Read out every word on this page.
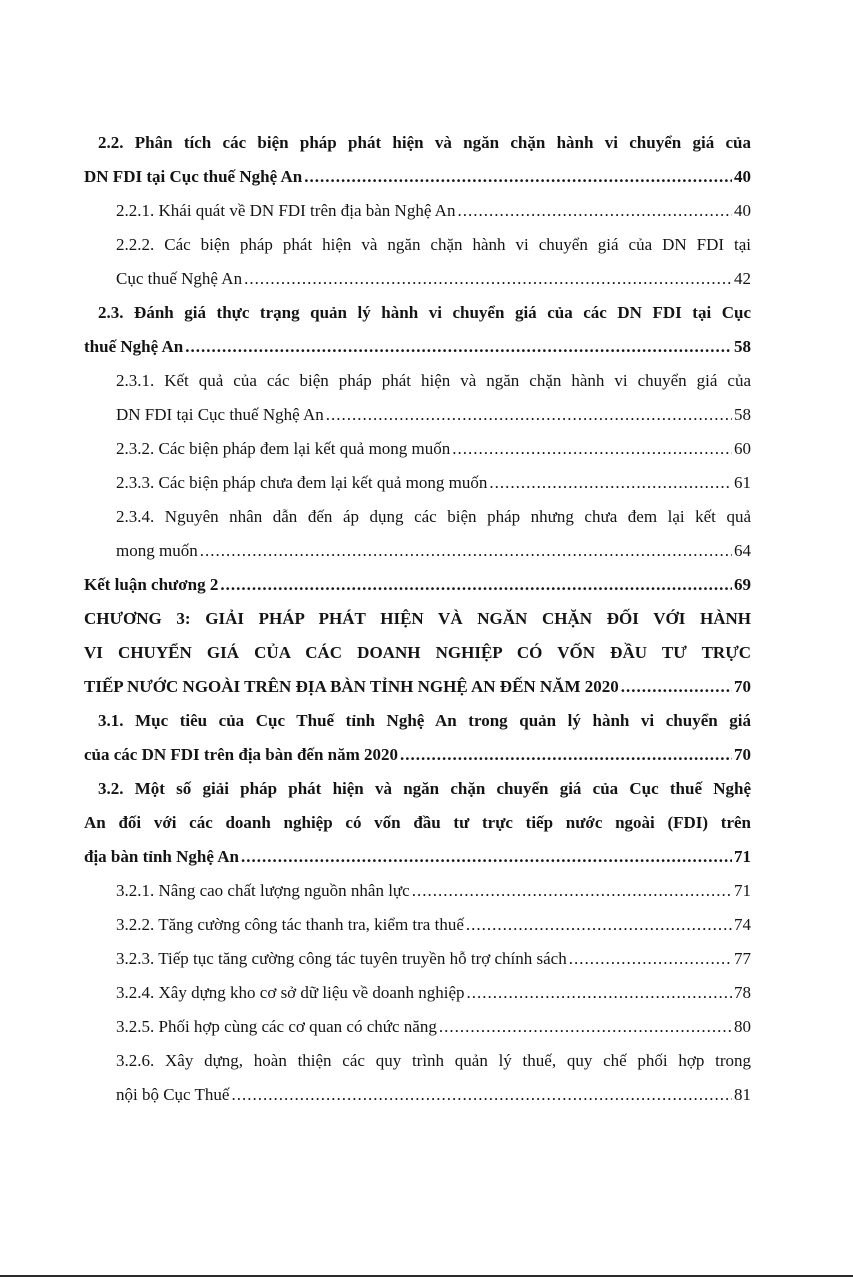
2.2. Phân tích các biện pháp phát hiện và ngăn chặn hành vi chuyển giá của
DN FDI tại Cục thuế Nghệ An .....	40
2.2.1. Khái quát về DN FDI trên địa bàn Nghệ An .....	40
2.2.2. Các biện pháp phát hiện và ngăn chặn hành vi chuyển giá của DN FDI tại
Cục thuế Nghệ An .....	42
2.3. Đánh giá thực trạng quản lý hành vi chuyển giá của các DN FDI tại Cục
thuế Nghệ An .....	58
2.3.1. Kết quả của các biện pháp phát hiện và ngăn chặn hành vi chuyển giá của
DN FDI tại Cục thuế Nghệ An .....	58
2.3.2. Các biện pháp đem lại kết quả mong muốn .....	60
2.3.3. Các biện pháp chưa đem lại kết quả mong muốn .....	61
2.3.4. Nguyên nhân dẫn đến áp dụng các biện pháp nhưng chưa đem lại kết quả
mong muốn .....	64
Kết luận chương 2 .....	69
CHƯƠNG 3: GIẢI PHÁP PHÁT HIỆN VÀ NGĂN CHẶN ĐỐI VỚI HÀNH
VI CHUYỂN GIÁ CỦA CÁC DOANH NGHIỆP CÓ VỐN ĐẦU TƯ TRỰC
TIẾP NƯỚC NGOÀI TRÊN ĐỊA BÀN TỈNH NGHỆ AN ĐẾN NĂM 2020 .....	70
3.1. Mục tiêu của Cục Thuế tỉnh Nghệ An trong quản lý hành vi chuyển giá
của các DN FDI trên địa bàn đến năm 2020 .....	70
3.2. Một số giải pháp phát hiện và ngăn chặn chuyển giá của Cục thuế Nghệ
An đối với các doanh nghiệp có vốn đầu tư trực tiếp nước ngoài (FDI) trên
địa bàn tỉnh Nghệ An .....	71
3.2.1. Nâng cao chất lượng nguồn nhân lực .....	71
3.2.2. Tăng cường công tác thanh tra, kiểm tra thuế .....	74
3.2.3. Tiếp tục tăng cường công tác tuyên truyền hỗ trợ chính sách .....	77
3.2.4. Xây dựng kho cơ sở dữ liệu về doanh nghiệp .....	78
3.2.5. Phối hợp cùng các cơ quan có chức năng .....	80
3.2.6. Xây dựng, hoàn thiện các quy trình quản lý thuế, quy chế phối hợp trong
nội bộ Cục Thuế .....	81
